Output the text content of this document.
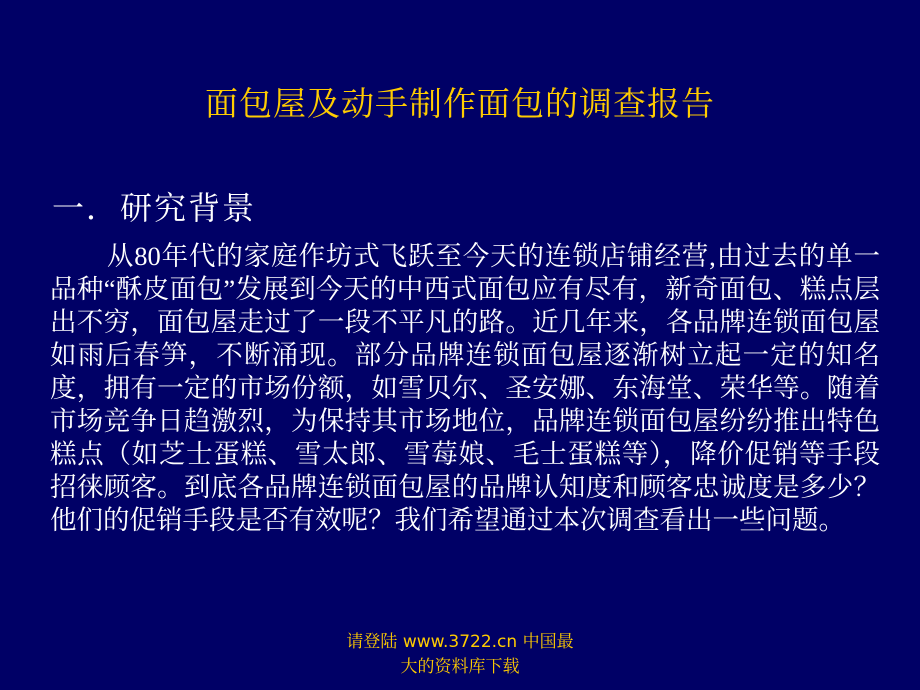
面包屋及动手制作面包的调查报告
一．研究背景
从80年代的家庭作坊式飞跃至今天的连锁店铺经营,由过去的单一品种“酥皮面包”发展到今天的中西式面包应有尽有，新奇面包、糕点层出不穷，面包屋走过了一段不平凡的路。近几年来，各品牌连锁面包屋如雨后春笋，不断涌现。部分品牌连锁面包屋逐渐树立起一定的知名度，拥有一定的市场份额，如雪贝尔、圣安娜、东海堂、荣华等。随着市场竞争日趋激烈，为保持其市场地位，品牌连锁面包屋纷纷推出特色糕点（如芝士蛋糕、雪太郎、雪莓娘、毛士蛋糕等），降价促销等手段招徕顾客。到底各品牌连锁面包屋的品牌认知度和顾客忠诚度是多少？他们的促销手段是否有效呢？我们希望通过本次调查看出一些问题。
请登陆 www.3722.cn 中国最
大的资料库下载
